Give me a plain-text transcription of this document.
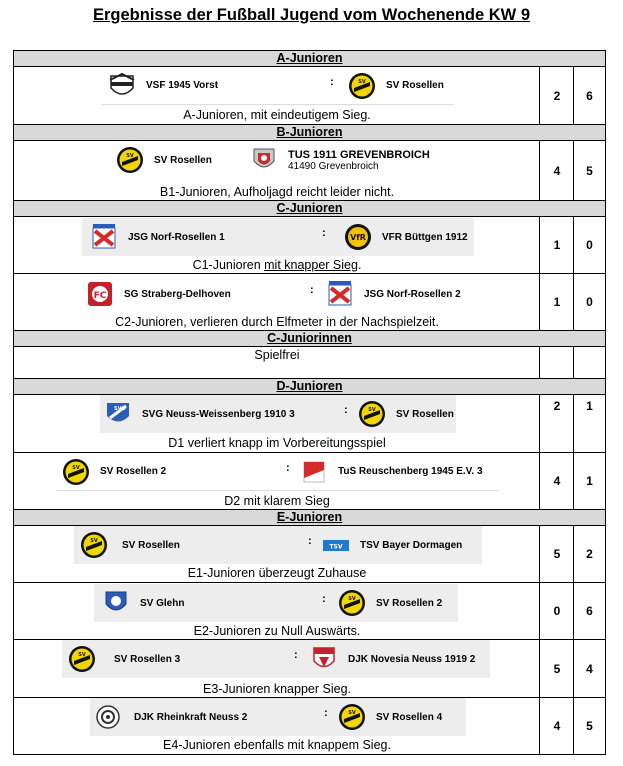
Ergebnisse der Fußball Jugend vom Wochenende KW 9
A-Junioren
VSF 1945 Vorst	:	SV Rosellen
A-Junioren, mit eindeutigem Sieg.
2	6
B-Junioren
SV Rosellen	TUS 1911 GREVENBROICH
41490 Grevenbroich
B1-Junioren, Aufholjagd reicht leider nicht.
4	5
C-Junioren
JSG Norf-Rosellen 1	:	VfR VFR Büttgen 1912
C1-Junioren mit knapper Sieg.
1	0
FC SG Straberg-Delhoven	:	JSG Norf-Rosellen 2
C2-Junioren, verlieren durch Elfmeter in der Nachspielzeit.
1	0
C-Juniorinnen
Spielfrei
D-Junioren
SVG SVG Neuss-Weissenberg 1910 3	:	SV Rosellen
D1 verliert knapp im Vorbereitungsspiel
2	1
SV Rosellen 2	:	TuS Reuschenberg 1945 E.V. 3
D2 mit klarem Sieg
4	1
E-Junioren
SV Rosellen	:	TSV TSV Bayer Dormagen
E1-Junioren überzeugt Zuhause
5	2
SV Glehn	:	SV Rosellen 2
E2-Junioren zu Null Auswärts.
0	6
SV Rosellen 3	:	DJK Novesia Neuss 1919 2
E3-Junioren knapper Sieg.
5	4
DJK Rheinkraft Neuss 2	:	SV Rosellen 4
E4-Junioren ebenfalls mit knappem Sieg.
4	5
